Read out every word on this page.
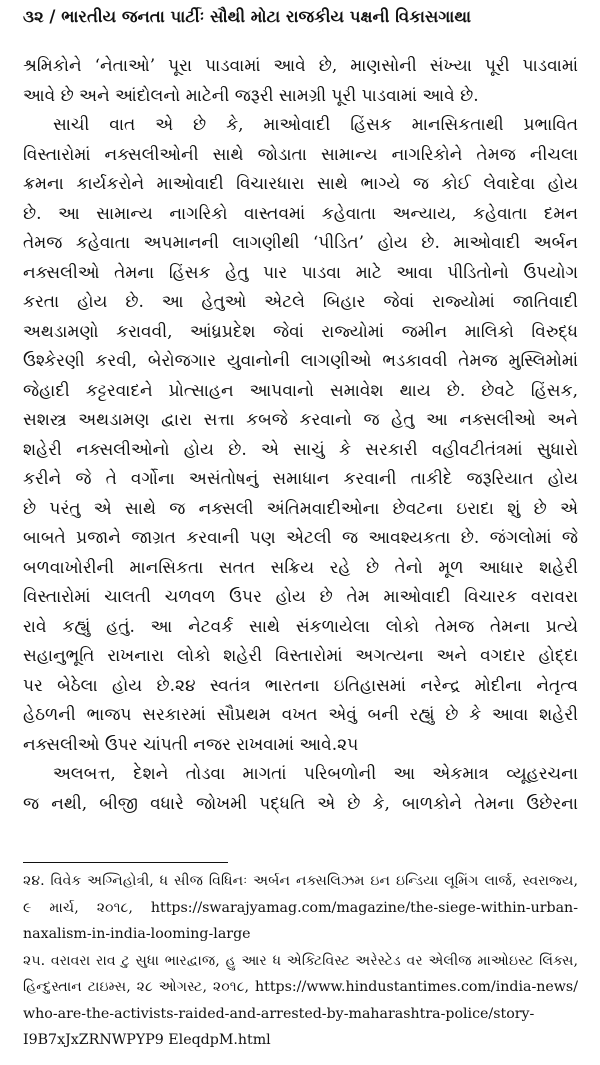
૩૨ / ભારતીય જનતા પાર્ટીઃ સૌથી મોટા રાજકીય પક્ષની વિકાસગાથા
શ્રમિકોને ‘નેતાઓ’ પૂરા પાડવામાં આવે છે, માણસોની સંખ્યા પૂરી પાડવામાં
આવે છે અને આંદોલનો માટેની જરૂરી સામગ્રી પૂરી પાડવામાં આવે છે.
સાચી વાત એ છે કે, માઓવાદી હિંસક માનસિકતાથી પ્રભાવિત
વિસ્તારોમાં નક્સલીઓની સાથે જોડાતા સામાન્ય નાગરિકોને તેમજ નીચલા
ક્રમના કાર્યકરોને માઓવાદી વિચારધારા સાથે ભાગ્યે જ કોઈ લેવાદેવા હોય
છે. આ સામાન્ય નાગરિકો વાસ્તવમાં કહેવાતા અન્યાય, કહેવાતા દમન
તેમજ કહેવાતા અપમાનની લાગણીથી ‘પીડિત’ હોય છે. માઓવાદી અર્બન
નક્સલીઓ તેમના હિંસક હેતુ પાર પાડવા માટે આવા પીડિતોનો ઉપયોગ
કરતા હોય છે. આ હેતુઓ એટલે બિહાર જેવાં રાજ્યોમાં જાતિવાદી
અથડામણો કરાવવી, આંધ્રપ્રદેશ જેવાં રાજ્યોમાં જમીન માલિકો વિરુદ્ધ
ઉશ્કેરણી કરવી, બેરોજગાર યુવાનોની લાગણીઓ ભડકાવવી તેમજ મુસ્લિમોમાં
જેહાદી કટ્ટરવાદને પ્રોત્સાહન આપવાનો સમાવેશ થાય છે. છેવટે હિંસક,
સશસ્ત્ર અથડામણ દ્વારા સત્તા કબજે કરવાનો જ હેતુ આ નક્સલીઓ અને
શહેરી નક્સલીઓનો હોય છે. એ સાચું કે સરકારી વહીવટીતંત્રમાં સુધારો
કરીને જે તે વર્ગોના અસંતોષનું સમાધાન કરવાની તાકીદે જરૂરિયાત હોય
છે પરંતુ એ સાથે જ નક્સલી અંતિમવાદીઓના છેવટના ઇરાદા શું છે એ
બાબતે પ્રજાને જાગ્રત કરવાની પણ એટલી જ આવશ્યકતા છે. જંગલોમાં જે
બળવાખોરીની માનસિકતા સતત સક્રિય રહે છે તેનો મૂળ આધાર શહેરી
વિસ્તારોમાં ચાલતી ચળવળ ઉપર હોય છે તેમ માઓવાદી વિચારક વરાવરા
રાવે કહ્યું હતું. આ નેટવર્ક સાથે સંકળાયેલા લોકો તેમજ તેમના પ્રત્યે
સહાનુભૂતિ રાખનારા લોકો શહેરી વિસ્તારોમાં અગત્યના અને વગદાર હોદ્દા
પર બેઠેલા હોય છે.૨૪ સ્વતંત્ર ભારતના ઇતિહાસમાં નરેન્દ્ર મોદીના નેતૃત્વ
હેઠળની ભાજપ સરકારમાં સૌપ્રથમ વખત એવું બની રહ્યું છે કે આવા શહેરી
નક્સલીઓ ઉપર ચાંપતી નજર રાખવામાં આવે.૨૫
અલબત્ત, દેશને તોડવા માગતાં પરિબળોની આ એકમાત્ર વ્યૂહરચના
જ નથી, બીજી વધારે જોખમી પદ્ધતિ એ છે કે, બાળકોને તેમના ઉછેરના
૨૪. વિવેક અગ્નિહોત્રી, ધ સીજ વિધિનઃ અર્બન નક્સલિઝમ ઇન ઇન્ડિયા લૂમિંગ લાર્જ, સ્વરાજ્ય,
૯ માર્ચ, ૨૦૧૮, https://swarajyamag.com/magazine/the-siege-within-urban-
naxalism-in-india-looming-large
૨૫. વરાવરા રાવ ટુ સુધા ભારદ્વાજ, હુ આર ધ એક્ટિવિસ્ટ અરેસ્ટેડ વર એલીજ માઓઇસ્ટ લિંક્સ,
હિન્દુસ્તાન ટાઇમ્સ, ૨૮ ઓગસ્ટ, ૨૦૧૮, https://www.hindustantimes.com/india-news/
who-are-the-activists-raided-and-arrested-by-maharashtra-police/story-
I9B7xJxZRNWPYP9 EleqdpM.html
